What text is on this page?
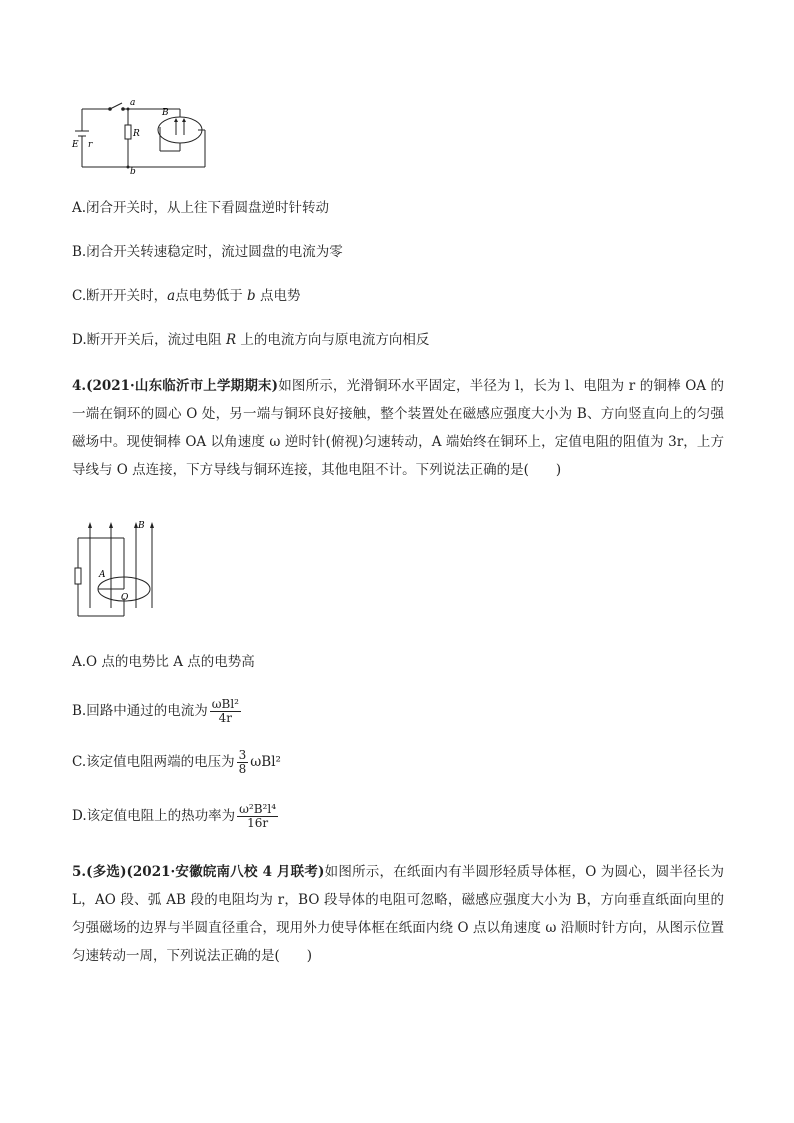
a
b
B
R
E r
A.闭合开关时，从上往下看圆盘逆时针转动
B.闭合开关转速稳定时，流过圆盘的电流为零
C.断开开关时，a点电势低于 b 点电势
D.断开开关后，流过电阻 R 上的电流方向与原电流方向相反
4.(2021·山东临沂市上学期期末)如图所示，光滑铜环水平固定，半径为 l，长为 l、电阻为 r 的铜棒 OA 的一端在铜环的圆心 O 处，另一端与铜环良好接触，整个装置处在磁感应强度大小为 B、方向竖直向上的匀强磁场中。现使铜棒 OA 以角速度 ω 逆时针(俯视)匀速转动，A 端始终在铜环上，定值电阻的阻值为 3r，上方导线与 O 点连接，下方导线与铜环连接，其他电阻不计。下列说法正确的是(　　)
B
A
O
A.O 点的电势比 A 点的电势高
B.回路中通过的电流为 $\frac{\text{ωBl²}}{4r}$
C.该定值电阻两端的电压为 $\frac{3}{8} \omega Bl^2$
D.该定值电阻上的热功率为 $\frac{\text{ω²B²l⁴}}{16r}$
5.(多选)(2021·安徽皖南八校 4 月联考)如图所示，在纸面内有半圆形轻质导体框，O 为圆心，圆半径长为 L，AO 段、弧 AB 段的电阻均为 r，BO 段导体的电阻可忽略，磁感应强度大小为 B，方向垂直纸面向里的匀强磁场的边界与半圆直径重合，现用外力使导体框在纸面内绕 O 点以角速度 ω 沿顺时针方向，从图示位置匀速转动一周，下列说法正确的是(　　)
